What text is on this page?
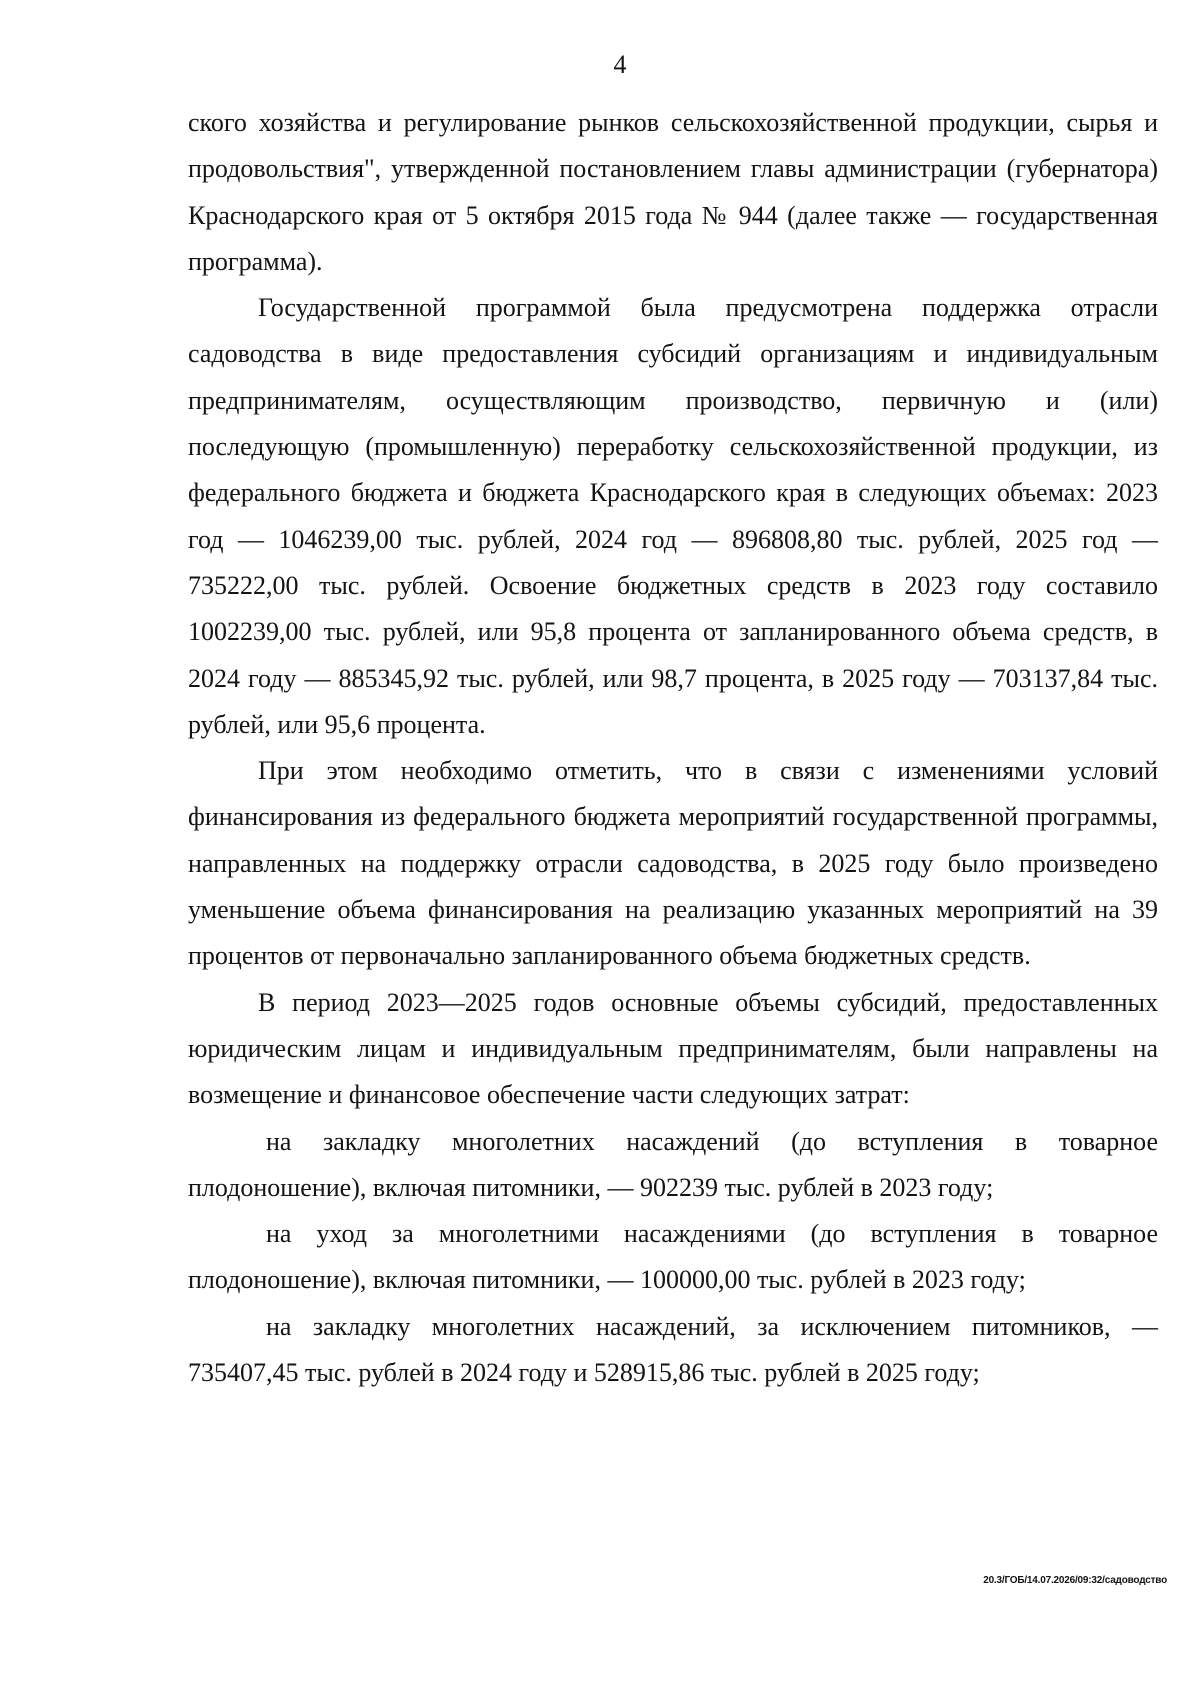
4

ского хозяйства и регулирование рынков сельскохозяйственной продукции, сырья и продовольствия", утвержденной постановлением главы администрации (губернатора) Краснодарского края от 5 октября 2015 года № 944 (далее также — государственная программа).

Государственной программой была предусмотрена поддержка отрасли садоводства в виде предоставления субсидий организациям и индивидуальным предпринимателям, осуществляющим производство, первичную и (или) последующую (промышленную) переработку сельскохозяйственной продукции, из федерального бюджета и бюджета Краснодарского края в следующих объемах: 2023 год — 1046239,00 тыс. рублей, 2024 год — 896808,80 тыс. рублей, 2025 год — 735222,00 тыс. рублей. Освоение бюджетных средств в 2023 году составило 1002239,00 тыс. рублей, или 95,8 процента от запланированного объема средств, в 2024 году — 885345,92 тыс. рублей, или 98,7 процента, в 2025 году — 703137,84 тыс. рублей, или 95,6 процента.

При этом необходимо отметить, что в связи с изменениями условий финансирования из федерального бюджета мероприятий государственной программы, направленных на поддержку отрасли садоводства, в 2025 году было произведено уменьшение объема финансирования на реализацию указанных мероприятий на 39 процентов от первоначально запланированного объема бюджетных средств.

В период 2023—2025 годов основные объемы субсидий, предоставленных юридическим лицам и индивидуальным предпринимателям, были направлены на возмещение и финансовое обеспечение части следующих затрат:

на закладку многолетних насаждений (до вступления в товарное плодоношение), включая питомники, — 902239 тыс. рублей в 2023 году;

на уход за многолетними насаждениями (до вступления в товарное плодоношение), включая питомники, — 100000,00 тыс. рублей в 2023 году;

на закладку многолетних насаждений, за исключением питомников, — 735407,45 тыс. рублей в 2024 году и 528915,86 тыс. рублей в 2025 году;

20.3/ГОБ/14.07.2026/09:32/садоводство
